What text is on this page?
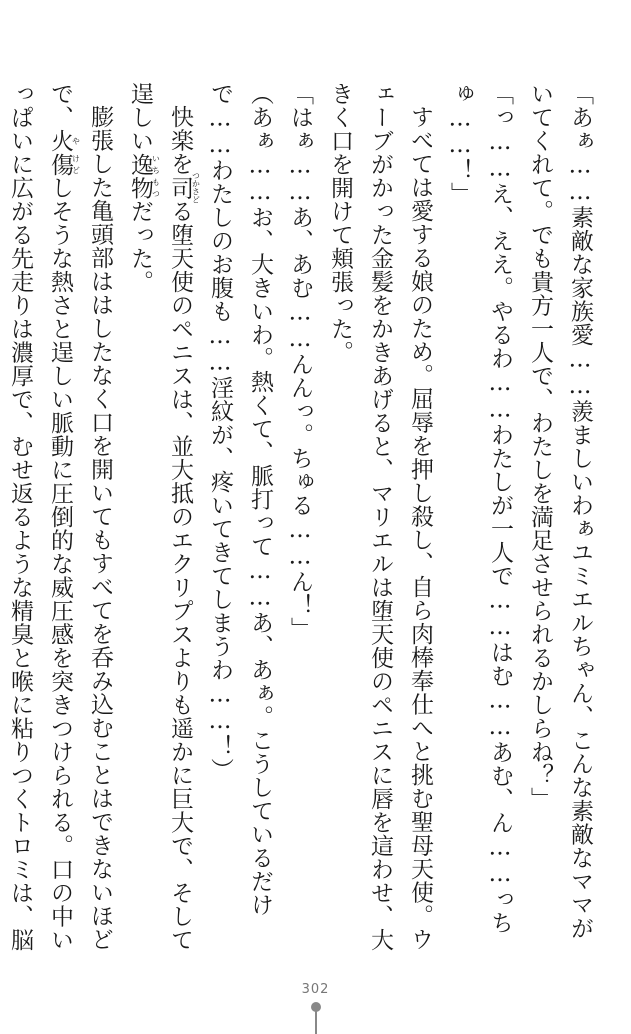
「あぁ……素敵な家族愛……羨ましいわぁユミエルちゃん、こんな素敵なママがいてくれて。でも貴方一人で、わたしを満足させられるかしらね？」

「っ……え、ええ。やるわ……わたしが一人で……はむ……あむ、ん……っちゅ……！」

すべては愛する娘のため。屈辱を押し殺し、自ら肉棒奉仕へと挑む聖母天使。ウェーブがかった金髪をかきあげると、マリエルは堕天使のペニスに唇を這わせ、大きく口を開けて頬張った。

「はぁ……あ、あむ……んんっ。ちゅる……ん！」

（あぁ……お、大きいわ。熱くて、脈打って……あ、あぁ。こうしているだけで……わたしのお腹も……淫紋が、疼いてきてしまうわ……！）

快楽を司つかさどる堕天使のペニスは、並大抵のエクリプスよりも遥かに巨大で、そして逞しい逸物いちもつだった。

膨張した亀頭部ははしたなく口を開いてもすべてを呑み込むことはできないほどで、火や傷けどしそうな熱さと逞しい脈動に圧倒的な威圧感を突きつけられる。口の中いっぱいに広がる先走りは濃厚で、むせ返るような精臭と喉に粘りつくトロミは、脳

302
